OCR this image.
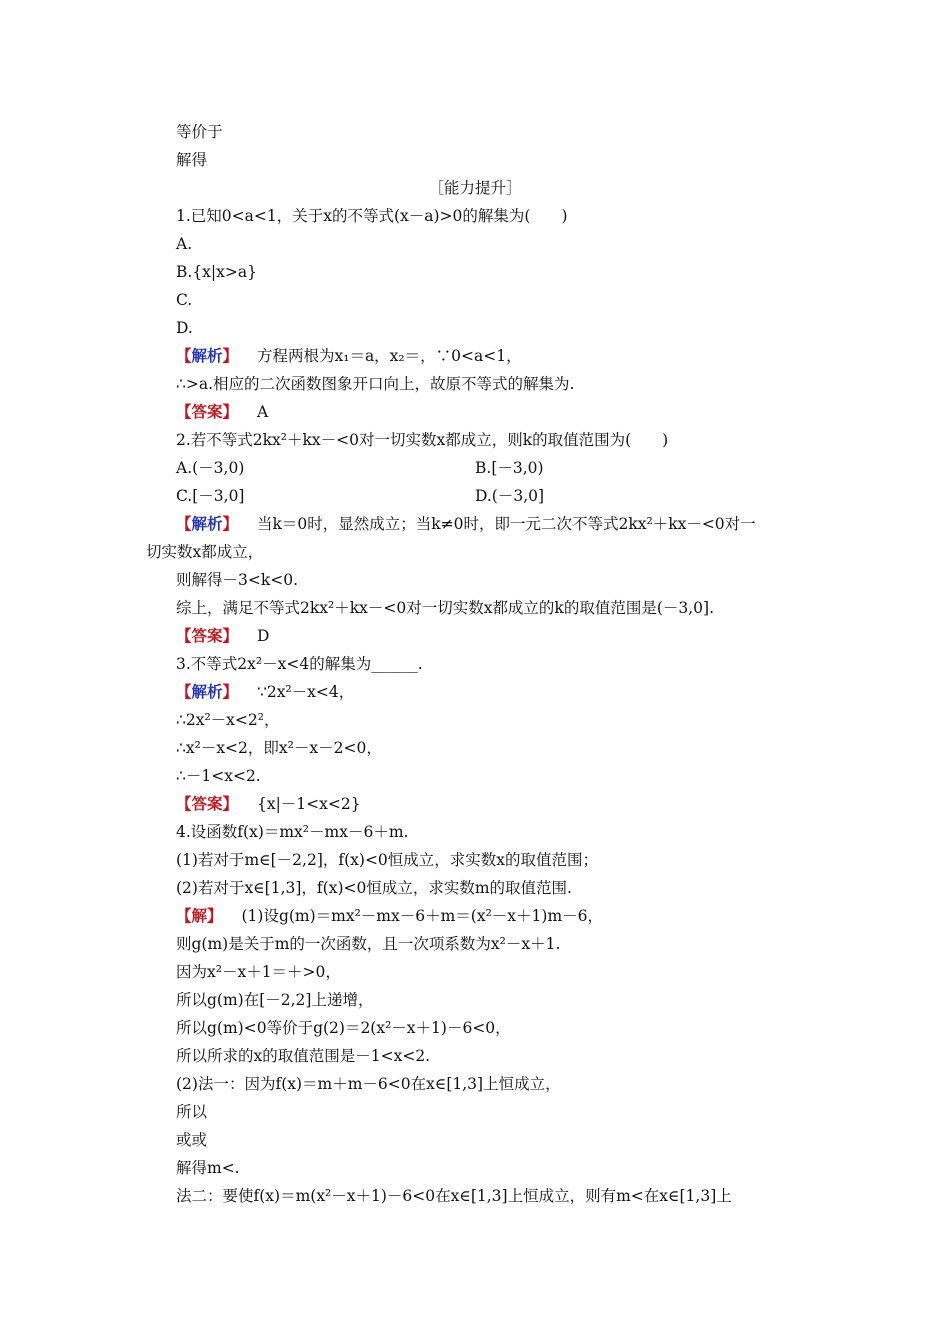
等价于
解得
［能力提升］
1.已知0<a<1，关于x的不等式(x－a)>0的解集为(　　)
A.
B.{x|x>a}
C.
D.
【解析】 方程两根为x₁＝a，x₂＝，∵0<a<1，
∴>a.相应的二次函数图象开口向上，故原不等式的解集为.
【答案】 A
2.若不等式2kx²＋kx－<0对一切实数x都成立，则k的取值范围为(　　)
A.(－3,0)	B.[－3,0)
C.[－3,0]	D.(－3,0]
【解析】 当k＝0时，显然成立；当k≠0时，即一元二次不等式2kx²＋kx－<0对一
切实数x都成立，
则解得－3<k<0.
综上，满足不等式2kx²＋kx－<0对一切实数x都成立的k的取值范围是(－3,0].
【答案】 D
3.不等式2x²－x<4的解集为______.
【解析】 ∵2x²－x<4，
∴2x²－x<2²，
∴x²－x<2，即x²－x－2<0，
∴－1<x<2.
【答案】 {x|－1<x<2}
4.设函数f(x)＝mx²－mx－6＋m.
(1)若对于m∈[－2,2]，f(x)<0恒成立，求实数x的取值范围；
(2)若对于x∈[1,3]，f(x)<0恒成立，求实数m的取值范围.
【解】 (1)设g(m)＝mx²－mx－6＋m＝(x²－x＋1)m－6，
则g(m)是关于m的一次函数，且一次项系数为x²－x＋1.
因为x²－x＋1＝＋>0，
所以g(m)在[－2,2]上递增，
所以g(m)<0等价于g(2)＝2(x²－x＋1)－6<0，
所以所求的x的取值范围是－1<x<2.
(2)法一：因为f(x)＝m＋m－6<0在x∈[1,3]上恒成立，
所以
或或
解得m<.
法二：要使f(x)＝m(x²－x＋1)－6<0在x∈[1,3]上恒成立，则有m<在x∈[1,3]上
